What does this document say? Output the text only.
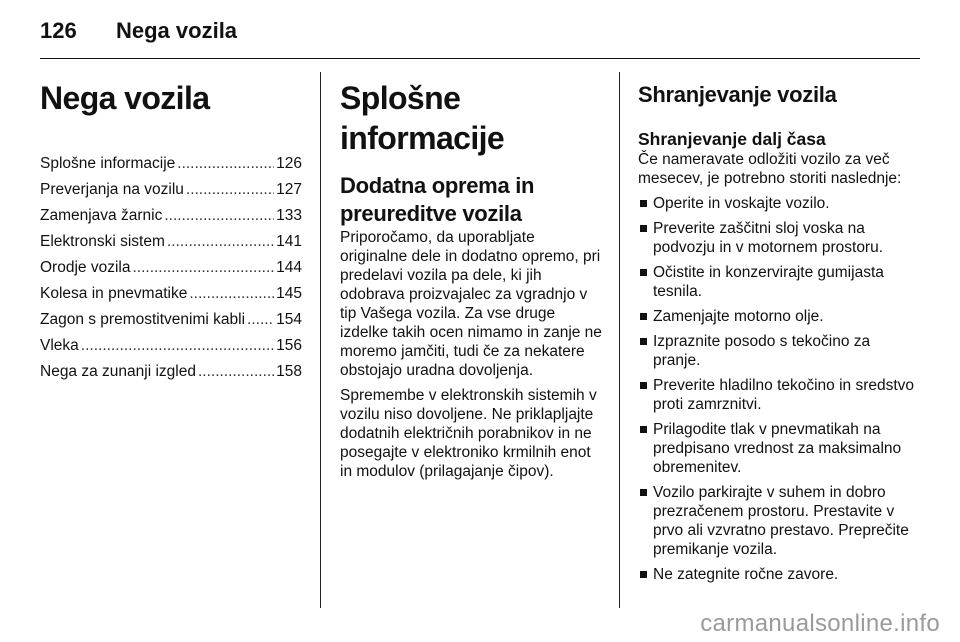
126	Nega vozila
Nega vozila
Splošne informacije .....	126
Preverjanja na vozilu .....	127
Zamenjava žarnic .....	133
Elektronski sistem .....	141
Orodje vozila .....	144
Kolesa in pnevmatike .....	145
Zagon s premostitvenimi kabli ..... 154
Vleka .....	156
Nega za zunanji izgled .....	158
Splošne informacije
Dodatna oprema in preureditve vozila

Priporočamo, da uporabljate originalne dele in dodatno opremo, pri predelavi vozila pa dele, ki jih odobrava proizvajalec za vgradnjo v tip Vašega vozila. Za vse druge izdelke takih ocen nimamo in zanje ne moremo jamčiti, tudi če za nekatere obstojajo uradna dovoljenja.

Spremembe v elektronskih sistemih v vozilu niso dovoljene. Ne priklapljajte dodatnih električnih porabnikov in ne posegajte v elektroniko krmilnih enot in modulov (prilagajanje čipov).

Shranjevanje vozila
Shranjevanje dalj časa

Če nameravate odložiti vozilo za več mesecev, je potrebno storiti naslednje:

Operite in voskajte vozilo.
Preverite zaščitni sloj voska na podvozju in v motornem prostoru.
Očistite in konzervirajte gumijasta tesnila.
Zamenjajte motorno olje.
Izpraznite posodo s tekočino za pranje.
Preverite hladilno tekočino in sredstvo proti zamrznitvi.
Prilagodite tlak v pnevmatikah na predpisano vrednost za maksimalno obremenitev.
Vozilo parkirajte v suhem in dobro prezračenem prostoru. Prestavite v prvo ali vzvratno prestavo. Preprečite premikanje vozila.
Ne zategnite ročne zavore.
carmanualsonline.info
